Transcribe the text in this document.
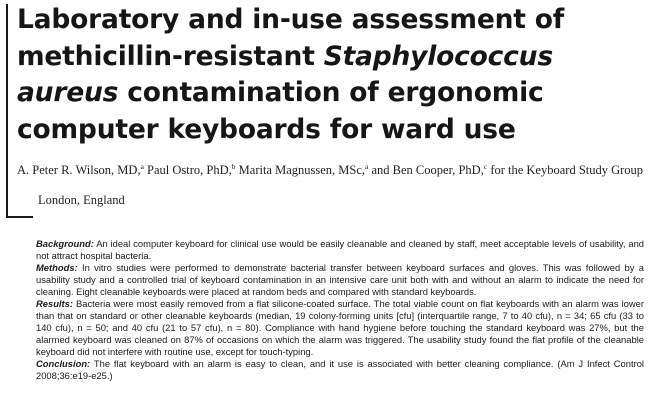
Laboratory and in-use assessment of methicillin-resistant Staphylococcus aureus contamination of ergonomic computer keyboards for ward use
A. Peter R. Wilson, MD,$^a$ Paul Ostro, PhD,$^b$ Marita Magnussen, MSc,$^a$ and Ben Cooper, PhD,$^c$ for the Keyboard Study Group
London, England

Background: An ideal computer keyboard for clinical use would be easily cleanable and cleaned by staff, meet acceptable levels of usability, and not attract hospital bacteria.

Methods: In vitro studies were performed to demonstrate bacterial transfer between keyboard surfaces and gloves. This was followed by a usability study and a controlled trial of keyboard contamination in an intensive care unit both with and without an alarm to indicate the need for cleaning. Eight cleanable keyboards were placed at random beds and compared with standard keyboards.

Results: Bacteria were most easily removed from a flat silicone-coated surface. The total viable count on flat keyboards with an alarm was lower than that on standard or other cleanable keyboards (median, 19 colony-forming units [cfu] (interquartile range, 7 to 40 cfu), n = 34; 65 cfu (33 to 140 cfu), n = 50; and 40 cfu (21 to 57 cfu), n = 80). Compliance with hand hygiene before touching the standard keyboard was 27%, but the alarmed keyboard was cleaned on 87% of occasions on which the alarm was triggered. The usability study found the flat profile of the cleanable keyboard did not interfere with routine use, except for touch-typing.

Conclusion: The flat keyboard with an alarm is easy to clean, and it use is associated with better cleaning compliance. (Am J Infect Control 2008;36:e19-e25.)
